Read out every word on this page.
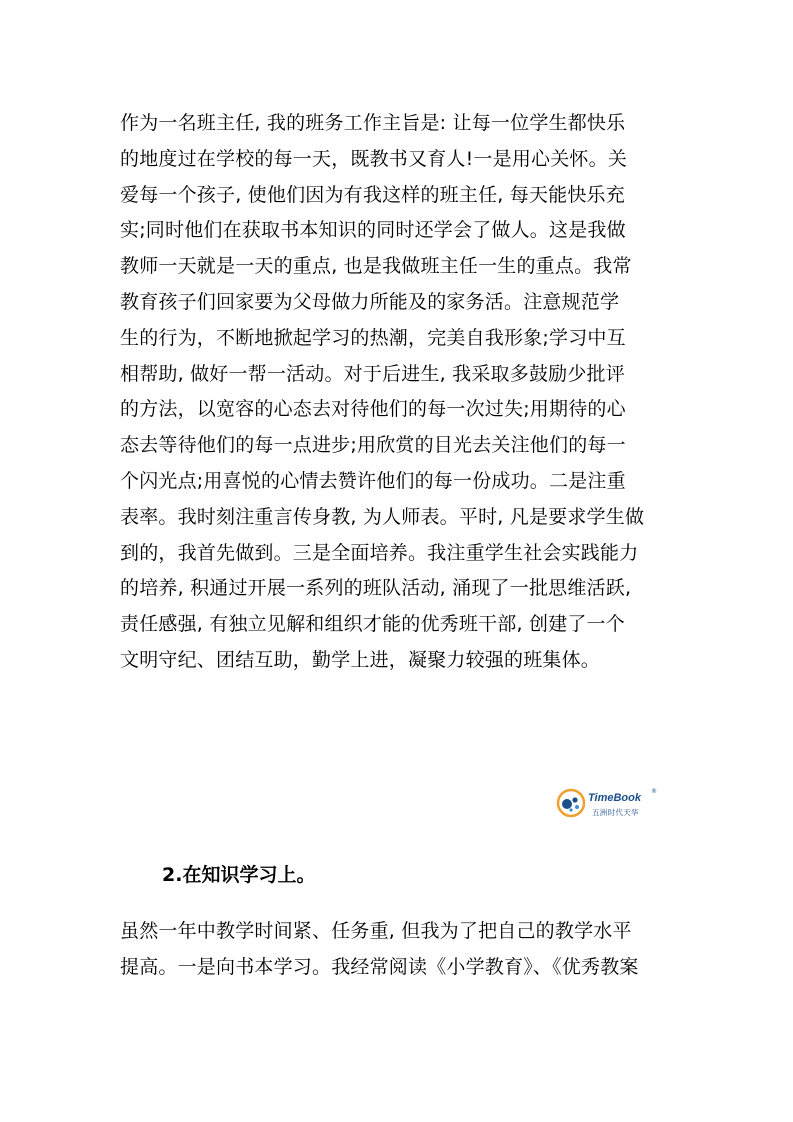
作为一名班主任, 我的班务工作主旨是: 让每一位学生都快乐
的地度过在学校的每一天，既教书又育人!一是用心关怀。关
爱每一个孩子, 使他们因为有我这样的班主任, 每天能快乐充
实;同时他们在获取书本知识的同时还学会了做人。这是我做
教师一天就是一天的重点, 也是我做班主任一生的重点。我常
教育孩子们回家要为父母做力所能及的家务活。注意规范学
生的行为，不断地掀起学习的热潮，完美自我形象;学习中互
相帮助, 做好一帮一活动。对于后进生, 我采取多鼓励少批评
的方法，以宽容的心态去对待他们的每一次过失;用期待的心
态去等待他们的每一点进步;用欣赏的目光去关注他们的每一
个闪光点;用喜悦的心情去赞许他们的每一份成功。二是注重
表率。我时刻注重言传身教, 为人师表。平时, 凡是要求学生做
到的，我首先做到。三是全面培养。我注重学生社会实践能力
的培养, 积通过开展一系列的班队活动, 涌现了一批思维活跃,
责任感强, 有独立见解和组织才能的优秀班干部, 创建了一个
文明守纪、团结互助，勤学上进，凝聚力较强的班集体。
TimeBook
®
五洲时代天华
2.在知识学习上。
虽然一年中教学时间紧、任务重, 但我为了把自己的教学水平
提高。一是向书本学习。我经常阅读《小学教育》、《优秀教案
